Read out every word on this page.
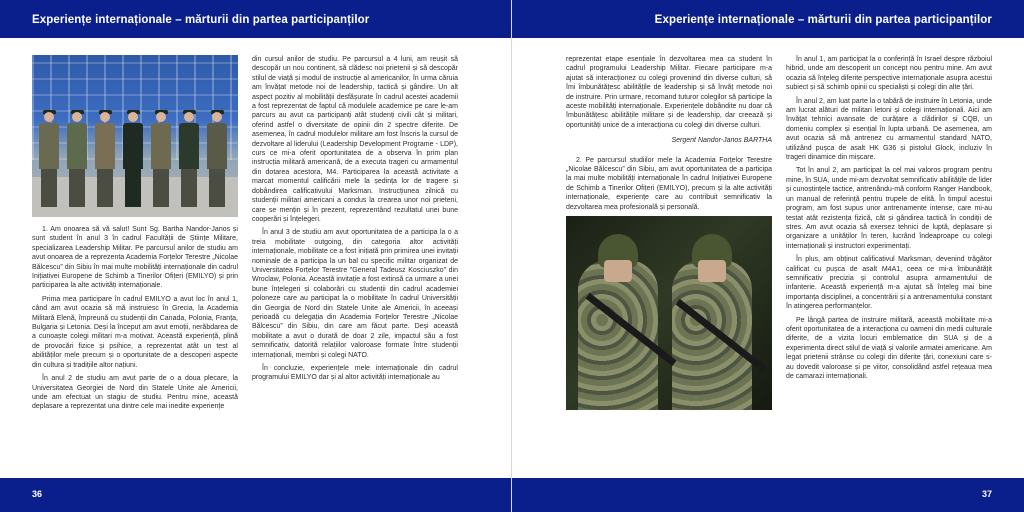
Experiențe internaționale – mărturii din partea participanților

1. Am onoarea să vă salut! Sunt Sg. Bartha Nandor-Janos și sunt student în anul 3 în cadrul Facultății de Științe Militare, specializarea Leadership Militar. Pe parcursul anilor de studiu am avut onoarea de a reprezenta Academia Forțelor Terestre „Nicolae Bălcescu” din Sibiu în mai multe mobilități internaționale din cadrul Inițiativei Europene de Schimb a Tinerilor Ofițeri (EMILYO) și prin participarea la alte activități internaționale.

Prima mea participare în cadrul EMILYO a avut loc în anul 1, când am avut ocazia să mă instruiesc în Grecia, la Academia Militară Elenă, împreună cu studenții din Canada, Polonia, Franța, Bulgaria și Letonia. Deși la început am avut emoții, nerăbdarea de a cunoaște colegi militari m-a motivat. Această experiență, plină de provocări fizice și psihice, a reprezentat atât un test al abilităților mele precum și o oportunitate de a descoperi aspecte din cultura și tradițiile altor națiuni.

În anul 2 de studiu am avut parte de o a doua plecare, la Universitatea Georgiei de Nord din Statele Unite ale Americii, unde am efectuat un stagiu de studiu. Pentru mine, această deplasare a reprezentat una dintre cele mai inedite experiențe

din cursul anilor de studiu. Pe parcursul a 4 luni, am reușit să descopăr un nou continent, să clădesc noi prietenii și să descopăr stilul de viață și modul de instrucție al americanilor, în urma căruia am învățat metode noi de leadership, tactică și gândire. Un alt aspect pozitiv al mobilității desfășurate în cadrul acestei academii a fost reprezentat de faptul că modulele academice pe care le-am parcurs au avut ca participanți atât studenți civili cât și militari, oferind astfel o diversitate de opinii din 2 spectre diferite. De asemenea, în cadrul modulelor militare am fost înscris la cursul de dezvoltare al liderului (Leadership Development Programe - LDP), curs ce mi-a oferit oportunitatea de a observa în prim plan instrucția militară americană, de a executa trageri cu armamentul din dotarea acestora, M4. Participarea la această activitate a marcat momentul calificării mele la ședința lor de tragere și dobândirea calificativului Marksman. Instrucțiunea zilnică cu studenții militari americani a condus la crearea unor noi prieteni, care se mențin și în prezent, reprezentând rezultatul unei bune cooperări și înțelegeri.

În anul 3 de studiu am avut oportunitatea de a participa la o a treia mobilitate outgoing, din categoria altor activități internaționale, mobilitate ce a fost inițiată prin primirea unei invitații nominale de a participa la un bal cu specific militar organizat de Universitatea Forțelor Terestre "General Tadeusz Kosciuszko" din Wroclaw, Polonia. Această invitație a fost extinsă ca urmare a unei bune înțelegeri și colaborări cu studenții din cadrul academiei poloneze care au participat la o mobilitate în cadrul Universității din Georgia de Nord din Statele Unite ale Americii, în aceeași perioadă cu delegația din Academia Forțelor Terestre „Nicolae Bălcescu” din Sibiu, din care am făcut parte. Deși această mobilitate a avut o durată de doar 2 zile, impactul său a fost semnificativ, datorită relațiilor valoroase formate între studenții internaționali, membri și colegi NATO.

În concluzie, experiențele mele internaționale din cadrul programului EMILYO dar și al altor activități internaționale au

36
Experiențe internaționale – mărturii din partea participanților
37

reprezentat etape esențiale în dezvoltarea mea ca student în cadrul programului Leadership Militar. Fiecare participare m-a ajutat să interacționez cu colegi provenind din diverse culturi, să îmi îmbunătățesc abilitățile de leadership și să învăț metode noi de instruire. Prin urmare, recomand tuturor colegilor să participe la aceste mobilități internaționale. Experiențele dobândite nu doar că îmbunătățesc abilitățile militare și de leadership, dar creează și oportunități unice de a interacționa cu colegi din diverse culturi.

Sergent Nandor-Janos BARTHA

2. Pe parcursul studiilor mele la Academia Forțelor Terestre „Nicolae Bălcescu” din Sibiu, am avut oportunitatea de a participa la mai multe mobilități internaționale în cadrul Inițiativei Europene de Schimb a Tinerilor Ofițeri (EMILYO), precum și la alte activități internaționale, experiențe care au contribuit semnificativ la dezvoltarea mea profesională și personală.

În anul 1, am participat la o conferință în Israel despre războiul hibrid, unde am descoperit un concept nou pentru mine. Am avut ocazia să înțeleg diferite perspective internaționale asupra acestui subiect și să schimb opinii cu specialiști și colegi din alte țări.

În anul 2, am luat parte la o tabără de instruire în Letonia, unde am lucrat alături de militari letoni și colegi internaționali. Aici am învățat tehnici avansate de curățare a clădirilor și CQB, un domeniu complex și esențial în lupta urbană. De asemenea, am avut ocazia să mă antrenez cu armamentul standard NATO, utilizând pușca de asalt HK G36 și pistolul Glock, incluziv în trageri dinamice din mișcare.

Tot în anul 2, am participat la cel mai valoros program pentru mine, în SUA, unde mi-am dezvoltat semnificativ abilitățile de lider și cunoștințele tactice, antrenându-mă conform Ranger Handbook, un manual de referință pentru trupele de elită. În timpul acestui program, am fost supus unor antrenamente intense, care mi-au testat atât rezistența fizică, cât și gândirea tactică în condiții de stres. Am avut ocazia să exersez tehnici de luptă, deplasare și organizare a unităților în teren, lucrând îndeaproape cu colegi internaționali și instructori experimentați.

În plus, am obținut calificativul Marksman, devenind trăgător calificat cu pușca de asalt M4A1, ceea ce mi-a îmbunătățit semnificativ precizia și controlul asupra armamentului de infanterie. Această experiență m-a ajutat să înțeleg mai bine importanța disciplinei, a concentrării și a antrenamentului constant în atingerea performanțelor.

Pe lângă partea de instruire militară, această mobilitate mi-a oferit oportunitatea de a interacționa cu oameni din medii culturale diferite, de a vizita locuri emblematice din SUA și de a experimenta direct stilul de viață și valorile armatei americane. Am legat prietenii strânse cu colegi din diferite țări, conexiuni care s-au dovedit valoroase și pe viitor, consolidând astfel rețeaua mea de camarazi internaționali.
